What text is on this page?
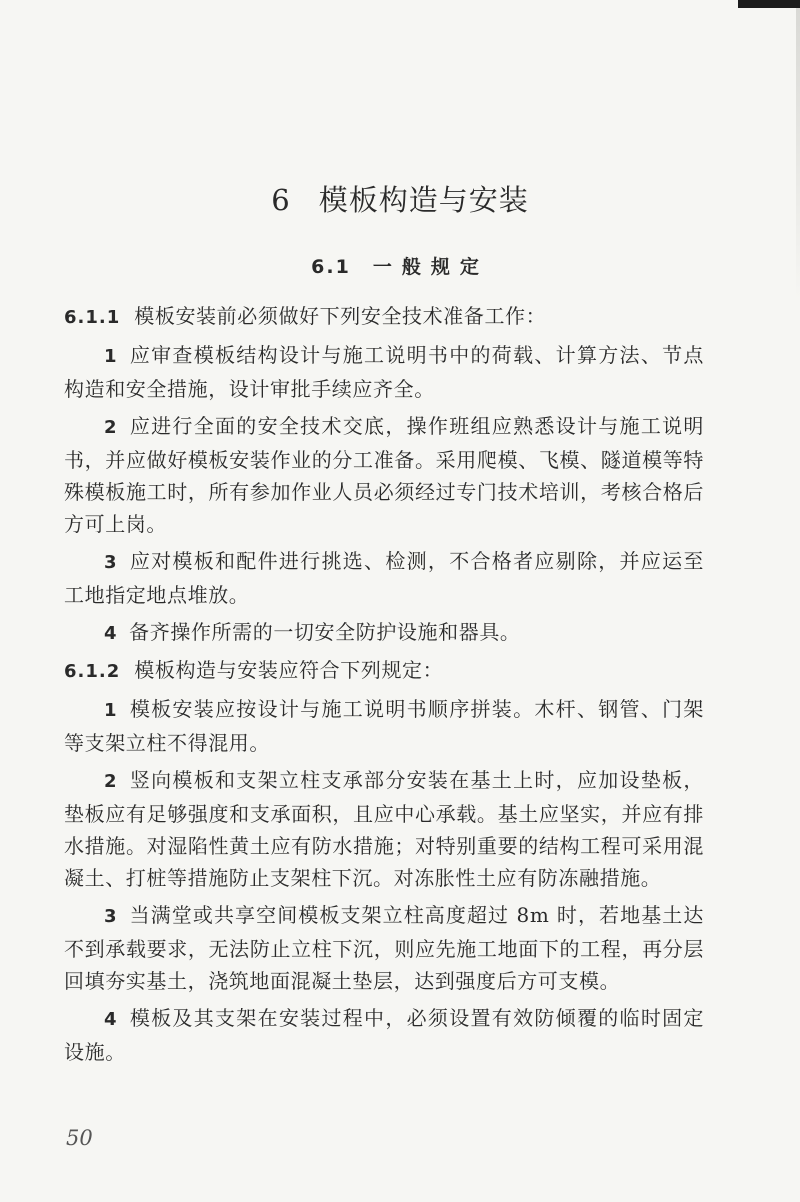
6 模板构造与安装
6.1 一般规定

6.1.1 模板安装前必须做好下列安全技术准备工作：

1 应审查模板结构设计与施工说明书中的荷载、计算方法、节点构造和安全措施，设计审批手续应齐全。

2 应进行全面的安全技术交底，操作班组应熟悉设计与施工说明书，并应做好模板安装作业的分工准备。采用爬模、飞模、隧道模等特殊模板施工时，所有参加作业人员必须经过专门技术培训，考核合格后方可上岗。

3 应对模板和配件进行挑选、检测，不合格者应剔除，并应运至工地指定地点堆放。

4 备齐操作所需的一切安全防护设施和器具。

6.1.2 模板构造与安装应符合下列规定：

1 模板安装应按设计与施工说明书顺序拼装。木杆、钢管、门架等支架立柱不得混用。

2 竖向模板和支架立柱支承部分安装在基土上时，应加设垫板，垫板应有足够强度和支承面积，且应中心承载。基土应坚实，并应有排水措施。对湿陷性黄土应有防水措施；对特别重要的结构工程可采用混凝土、打桩等措施防止支架柱下沉。对冻胀性土应有防冻融措施。

3 当满堂或共享空间模板支架立柱高度超过 8m 时，若地基土达不到承载要求，无法防止立柱下沉，则应先施工地面下的工程，再分层回填夯实基土，浇筑地面混凝土垫层，达到强度后方可支模。

4 模板及其支架在安装过程中，必须设置有效防倾覆的临时固定设施。

50
